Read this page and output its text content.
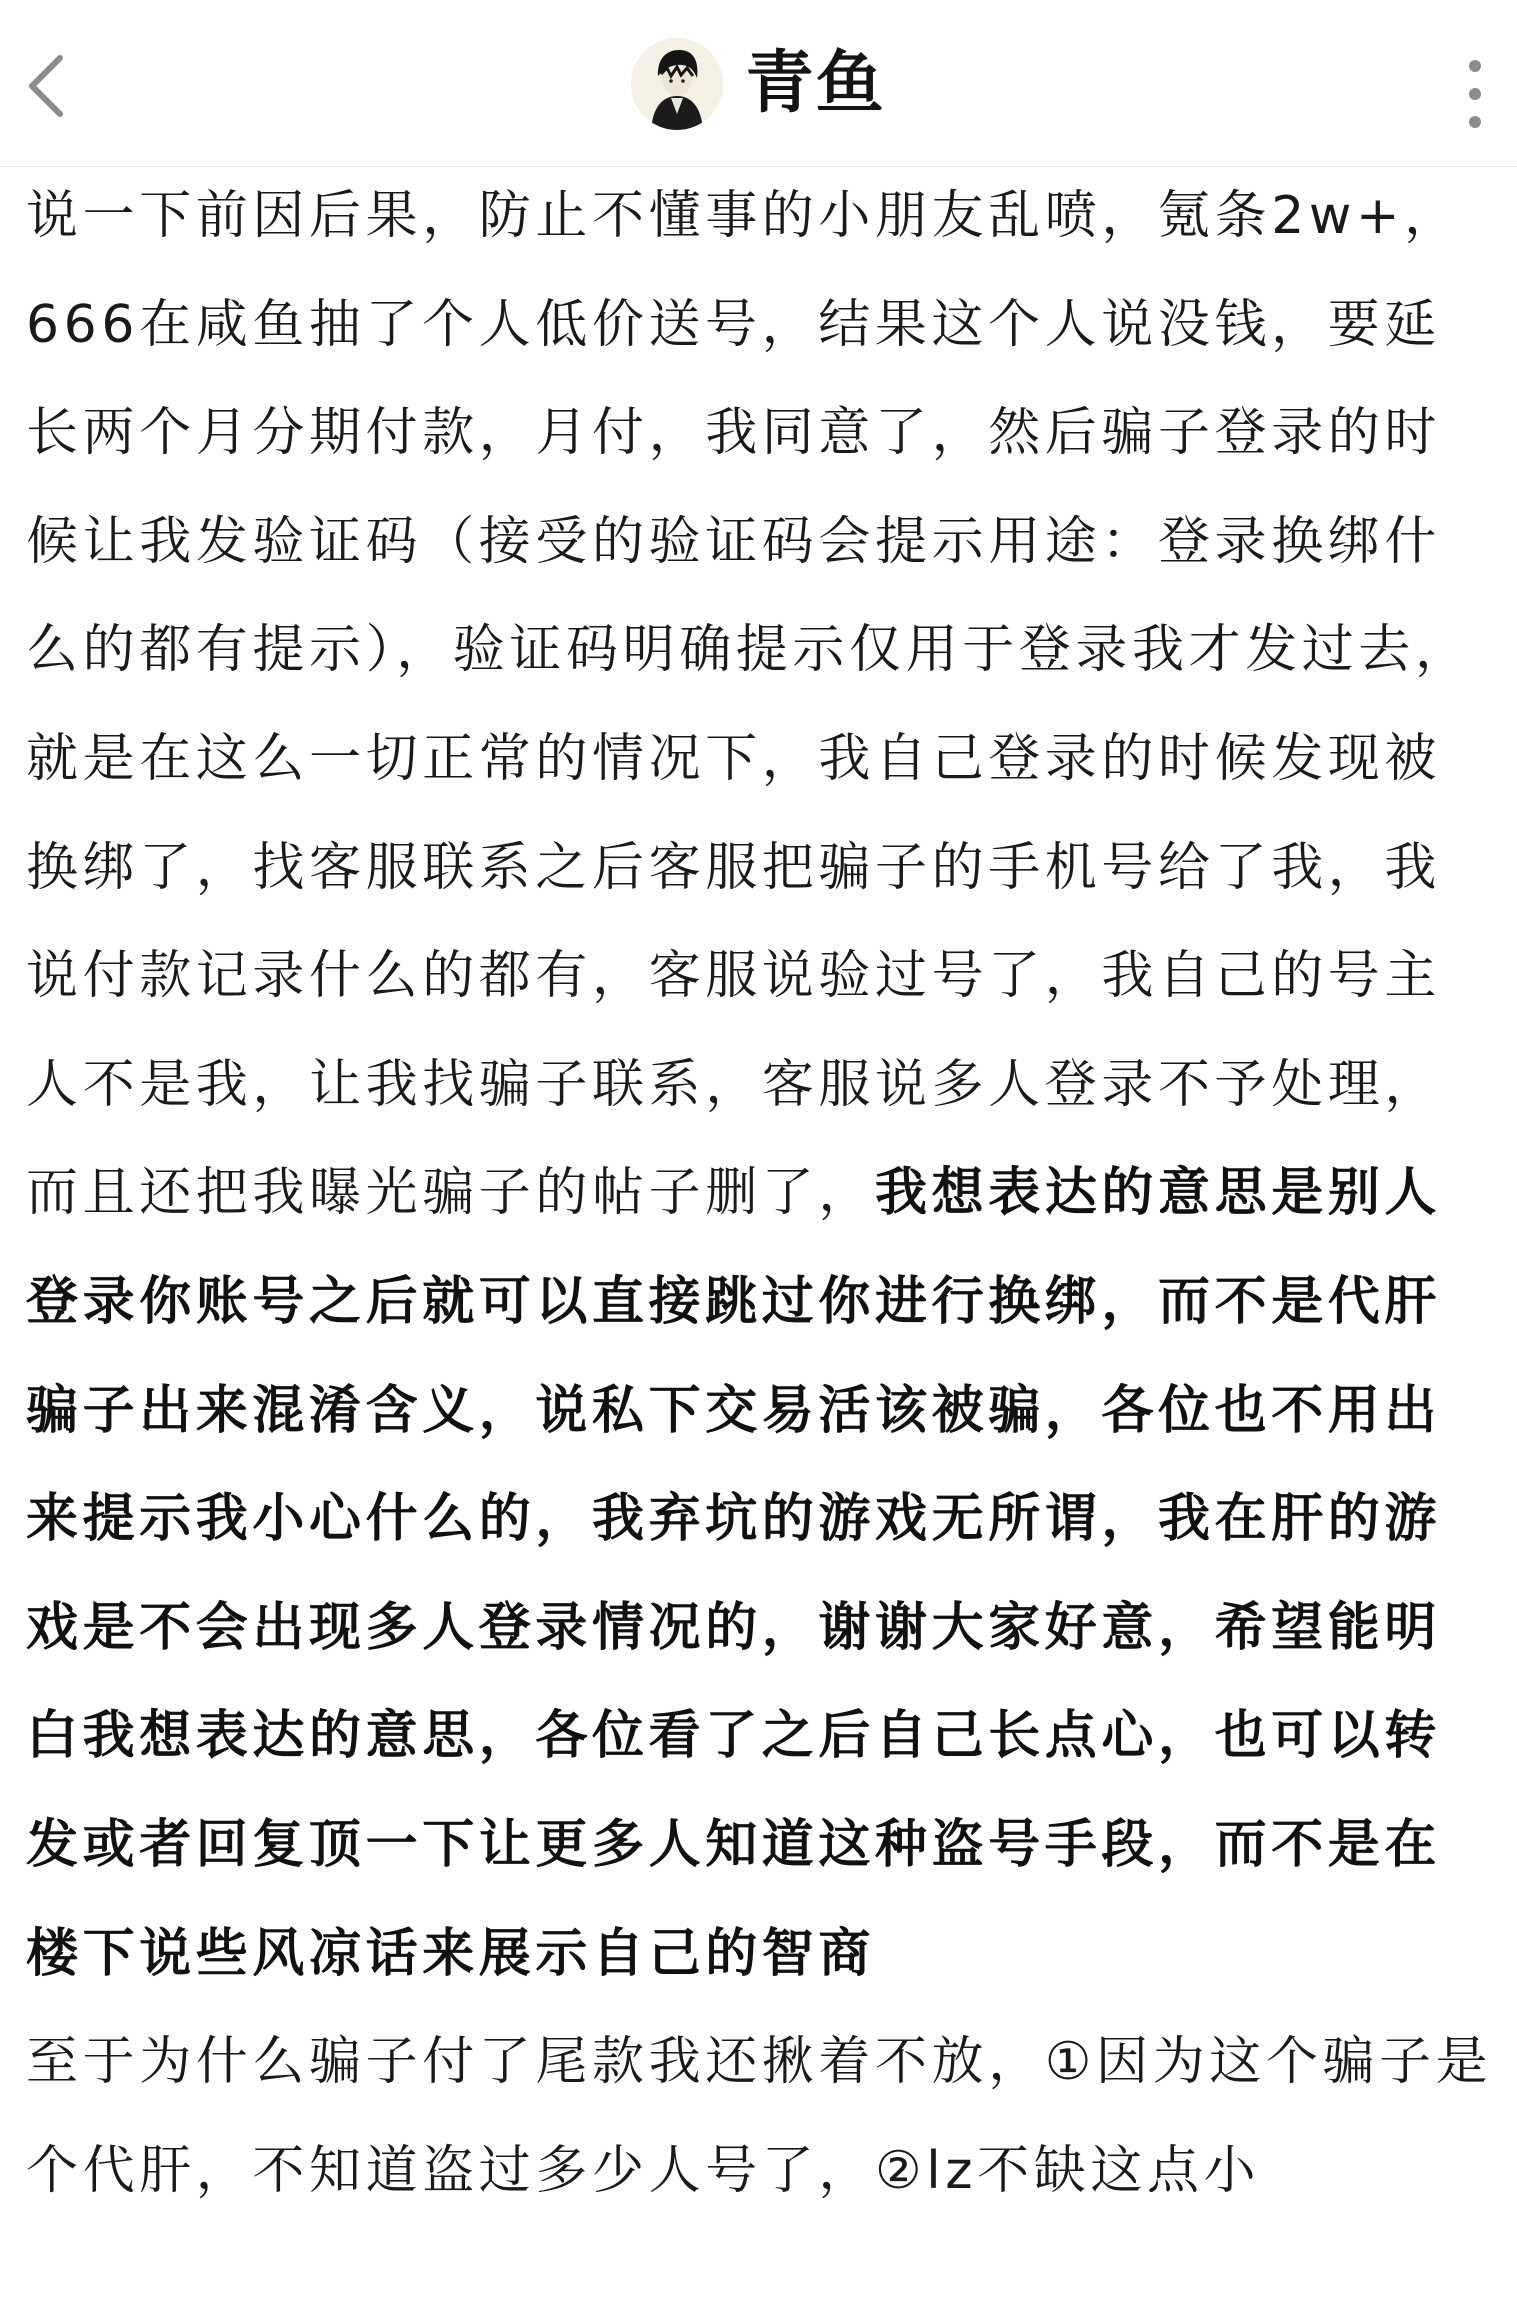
青鱼

说一下前因后果，防止不懂事的小朋友乱喷，氪条2w+，666在咸鱼抽了个人低价送号，结果这个人说没钱，要延长两个月分期付款，月付，我同意了，然后骗子登录的时候让我发验证码（接受的验证码会提示用途：登录换绑什么的都有提示），验证码明确提示仅用于登录我才发过去，就是在这么一切正常的情况下，我自己登录的时候发现被换绑了，找客服联系之后客服把骗子的手机号给了我，我说付款记录什么的都有，客服说验过号了，我自己的号主人不是我，让我找骗子联系，客服说多人登录不予处理，而且还把我曝光骗子的帖子删了，我想表达的意思是别人登录你账号之后就可以直接跳过你进行换绑，而不是代肝骗子出来混淆含义，说私下交易活该被骗，各位也不用出来提示我小心什么的，我弃坑的游戏无所谓，我在肝的游戏是不会出现多人登录情况的，谢谢大家好意，希望能明白我想表达的意思，各位看了之后自己长点心，也可以转发或者回复顶一下让更多人知道这种盗号手段，而不是在楼下说些风凉话来展示自己的智商

至于为什么骗子付了尾款我还揪着不放，①因为这个骗子是个代肝，不知道盗过多少人号了，②lz不缺这点小
